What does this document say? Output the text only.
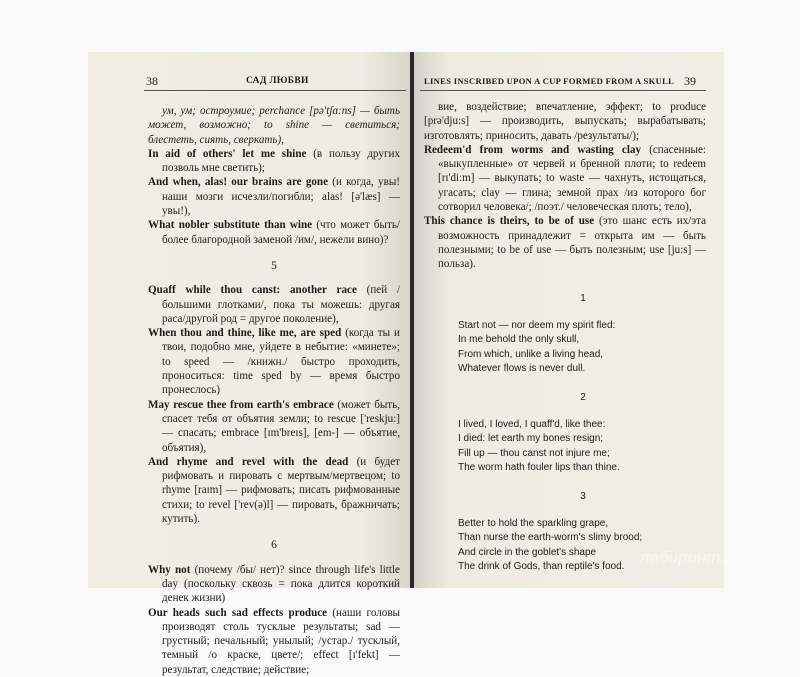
38	САД ЛЮБВИ

ум, ум; остроумие; perchance [pə'tʃɑ:ns] — быть может, возможно; to shine — светиться; блестеть, сиять, сверкать),

In aid of others' let me shine (в пользу других позволь мне светить);

And when, alas! our brains are gone (и когда, увы! наши мозги исчезли/погибли; alas! [ə'læs] — увы!),

What nobler substitute than wine (что может быть/ более благородной заменой /им/, нежели вино)?

5

Quaff while thou canst: another race (пей /большими глотками/, пока ты можешь: другая раса/другой род = другое поколение),

When thou and thine, like me, are sped (когда ты и твои, подобно мне, уйдете в небытие: «минете»; to speed — /книжн./ быстро проходить, проноситься: time sped by — время быстро пронеслось)

May rescue thee from earth's embrace (может быть, спасет тебя от объятия земли; to rescue ['reskju:] — спасать; embrace [ɪm'breɪs], [em-] — объятие, объятия),

And rhyme and revel with the dead (и будет рифмовать и пировать с мертвым/мертвецом; to rhyme [raɪm] — рифмовать; писать рифмованные стихи; to revel ['rev(ə)l] — пировать, бражничать; кутить).

6

Why not (почему /бы/ нет)? since through life's little day (поскольку сквозь = пока длится короткий денек жизни)

Our heads such sad effects produce (наши головы производят столь тусклые результаты; sad — грустный; печальный; унылый; /устар./ тусклый, темный /о краске, цвете/; effect [ɪ'fekt] — результат, следствие; действие;

LINES INSCRIBED UPON A CUP FORMED FROM A SKULL 39

вие, воздействие; впечатление, эффект; to produce [prə'dju:s] — производить, выпускать; вырабатывать; изготовлять; приносить, давать /результаты/);

Redeem'd from worms and wasting clay (спасенные: «выкупленные» от червей и бренной плоти; to redeem [rɪ'di:m] — выкупать; to waste — чахнуть, истощаться, угасать; clay — глина; земной прах /из которого бог сотворил человека/; /поэт./ человеческая плоть; тело),

This chance is theirs, to be of use (это шанс есть их/эта возможность принадлежит = открыта им — быть полезными; to be of use — быть полезным; use [ju:s] — польза).

1
Start not — nor deem my spirit fled:
In me behold the only skull,
From which, unlike a living head,
Whatever flows is never dull.
2
I lived, I loved, I quaff'd, like thee:
I died: let earth my bones resign;
Fill up — thou canst not injure me;
The worm hath fouler lips than thine.
3
Better to hold the sparkling grape,
Than nurse the earth-worm's slimy brood;
And circle in the goblet's shape
The drink of Gods, than reptile's food. лабиринт.ру
